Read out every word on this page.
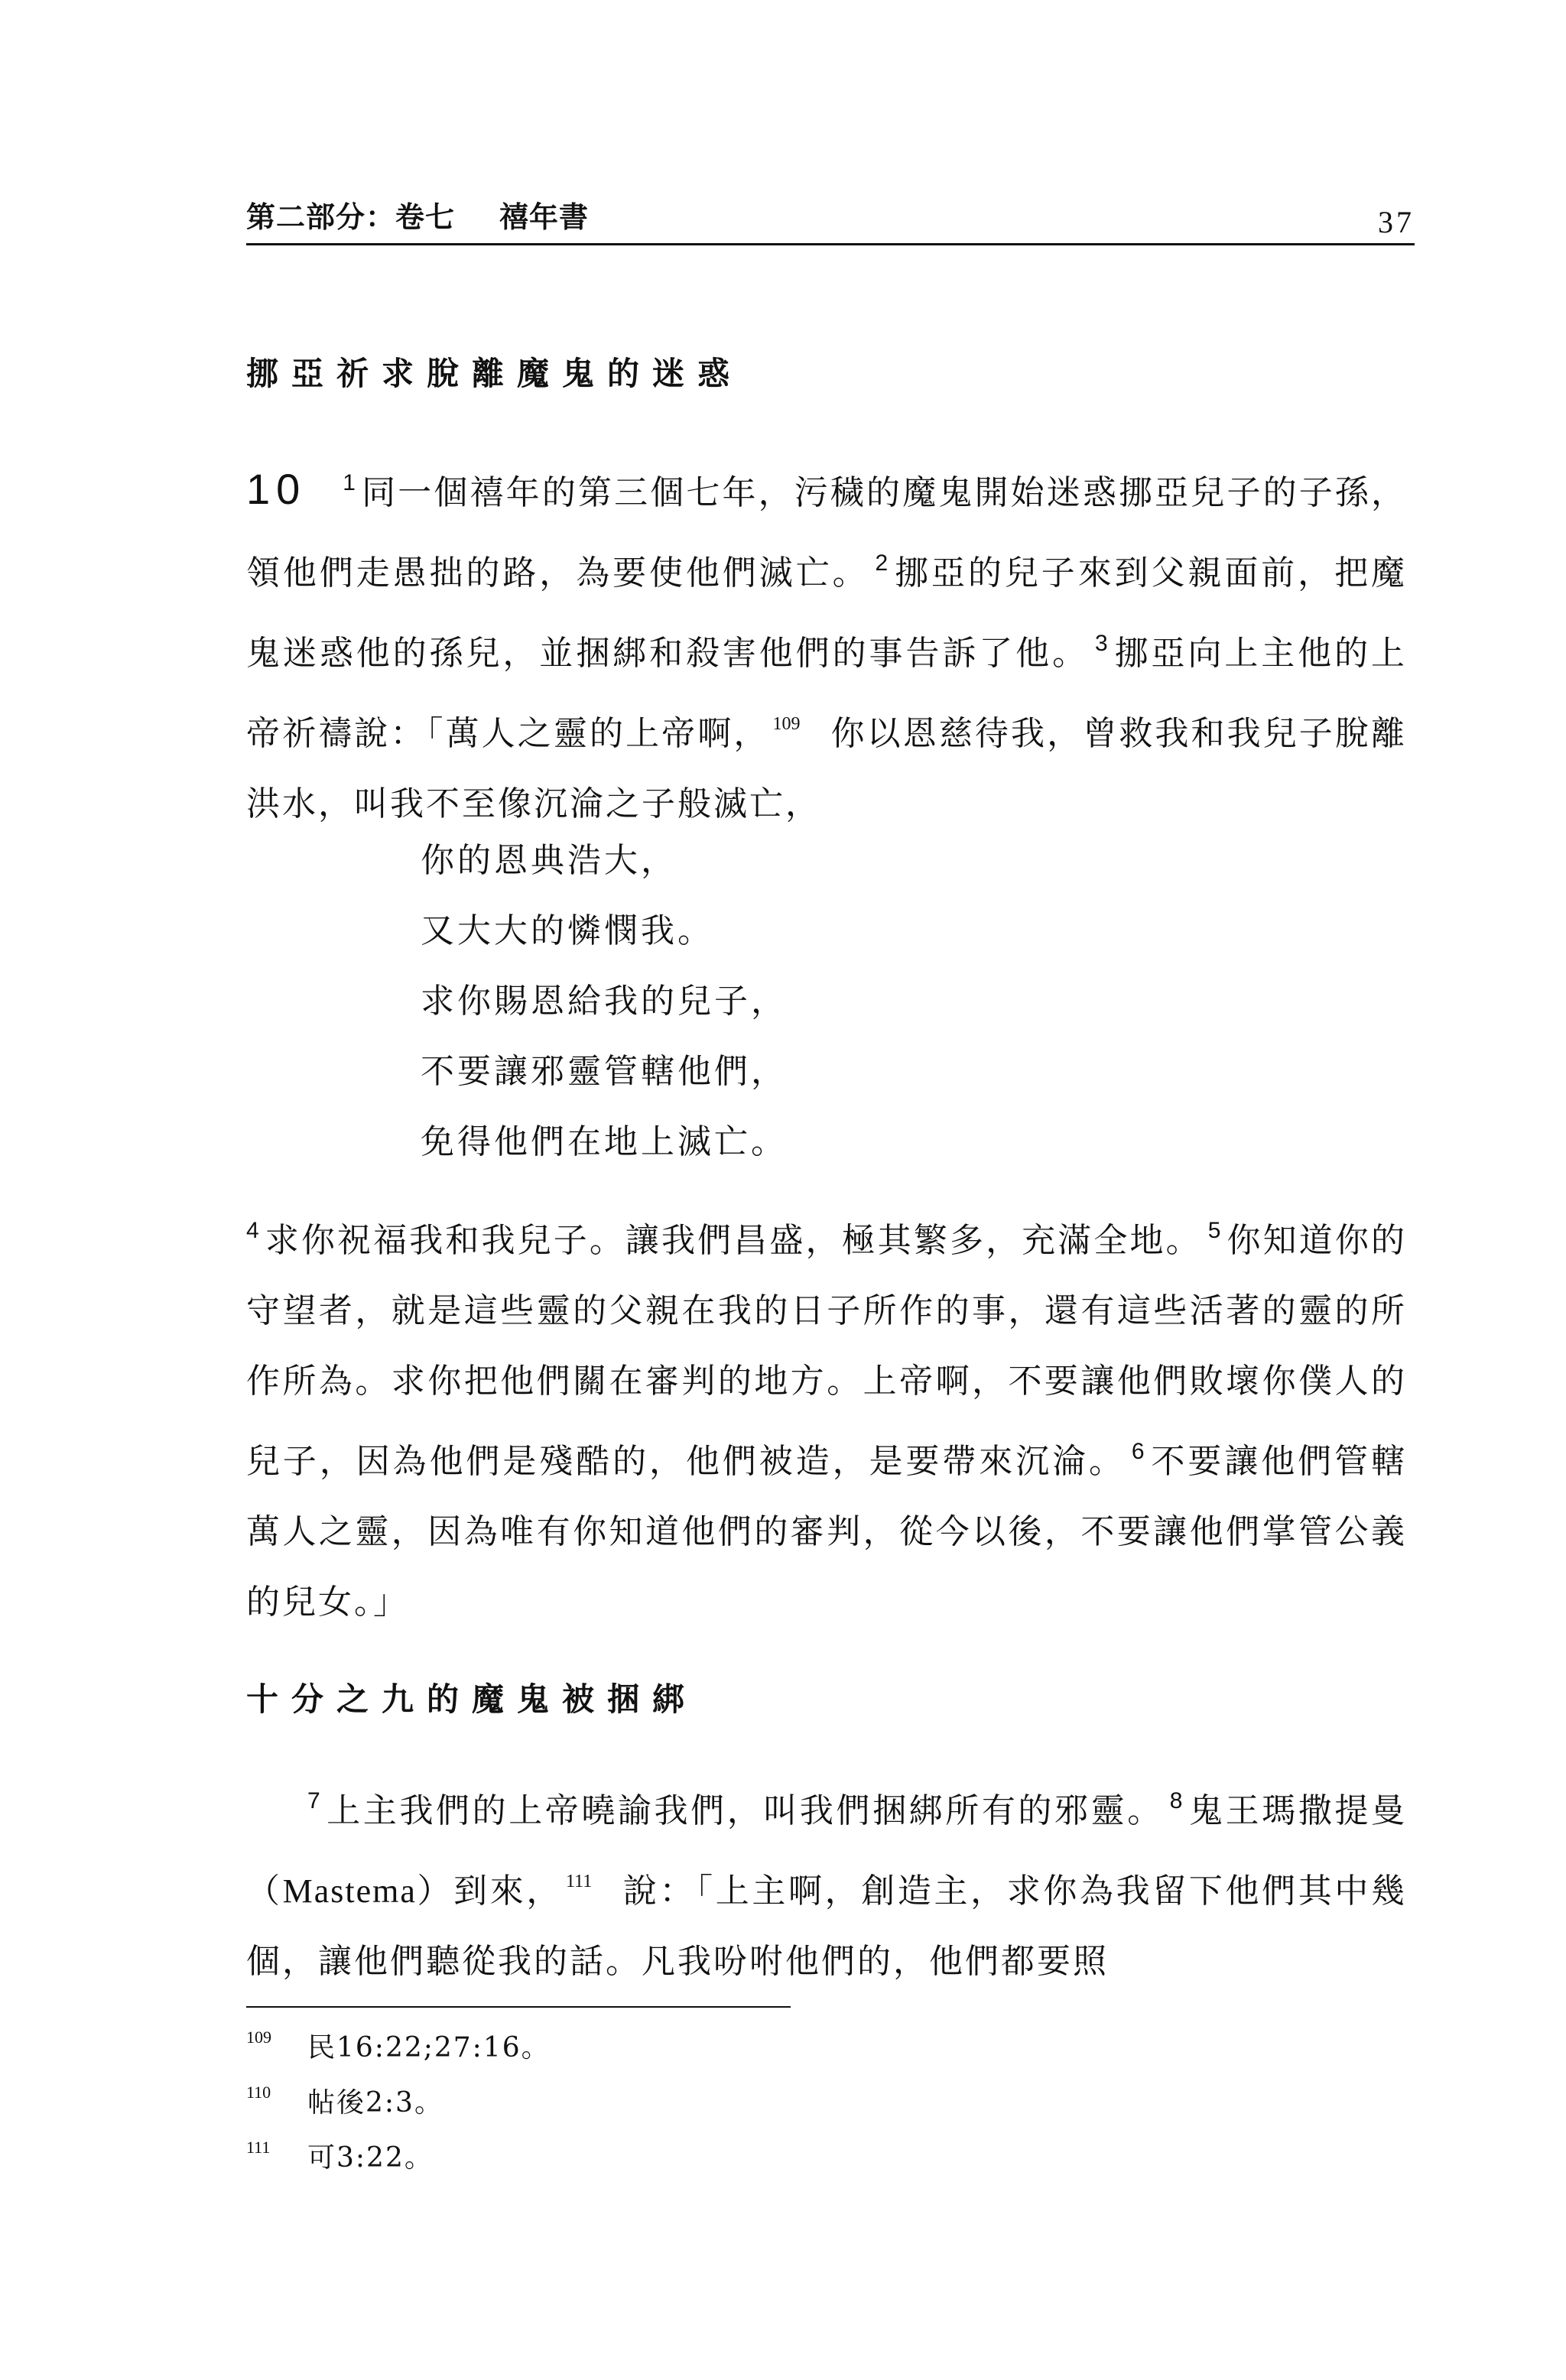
第二部分：卷七 禧年書	37
挪亞祈求脫離魔鬼的迷惑
10 $^1$ 同一個禧年的第三個七年，污穢的魔鬼開始迷惑挪亞兒子的子孫，領他們走愚拙的路，為要使他們滅亡。 $^2$ 挪亞的兒子來到父親面前，把魔鬼迷惑他的孫兒，並捆綁和殺害他們的事告訴了他。 $^3$ 挪亞向上主他的上帝祈禱說：「萬人之靈的上帝啊， $^{109}$ 你以恩慈待我，曾救我和我兒子脫離洪水，叫我不至像沉淪之子般滅亡，
你的恩典浩大，
又大大的憐憫我。
求你賜恩給我的兒子，
不要讓邪靈管轄他們，
免得他們在地上滅亡。
$^4$ 求你祝福我和我兒子。讓我們昌盛，極其繁多，充滿全地。 $^5$ 你知道你的守望者，就是這些靈的父親在我的日子所作的事，還有這些活著的靈的所作所為。求你把他們關在審判的地方。上帝啊，不要讓他們敗壞你僕人的兒子，因為他們是殘酷的，他們被造，是要帶來沉淪。 $^6$ 不要讓他們管轄萬人之靈，因為唯有你知道他們的審判，從今以後，不要讓他們掌管公義的兒女。」
十分之九的魔鬼被捆綁
$^7$ 上主我們的上帝曉諭我們，叫我們捆綁所有的邪靈。 $^8$ 鬼王瑪撒提曼（Mastema）到來， $^{111}$ 說：「上主啊，創造主，求你為我留下他們其中幾個，讓他們聽從我的話。凡我吩咐他們的，他們都要照
109	民16:22;27:16。
110	帖後2:3。
111	可3:22。
